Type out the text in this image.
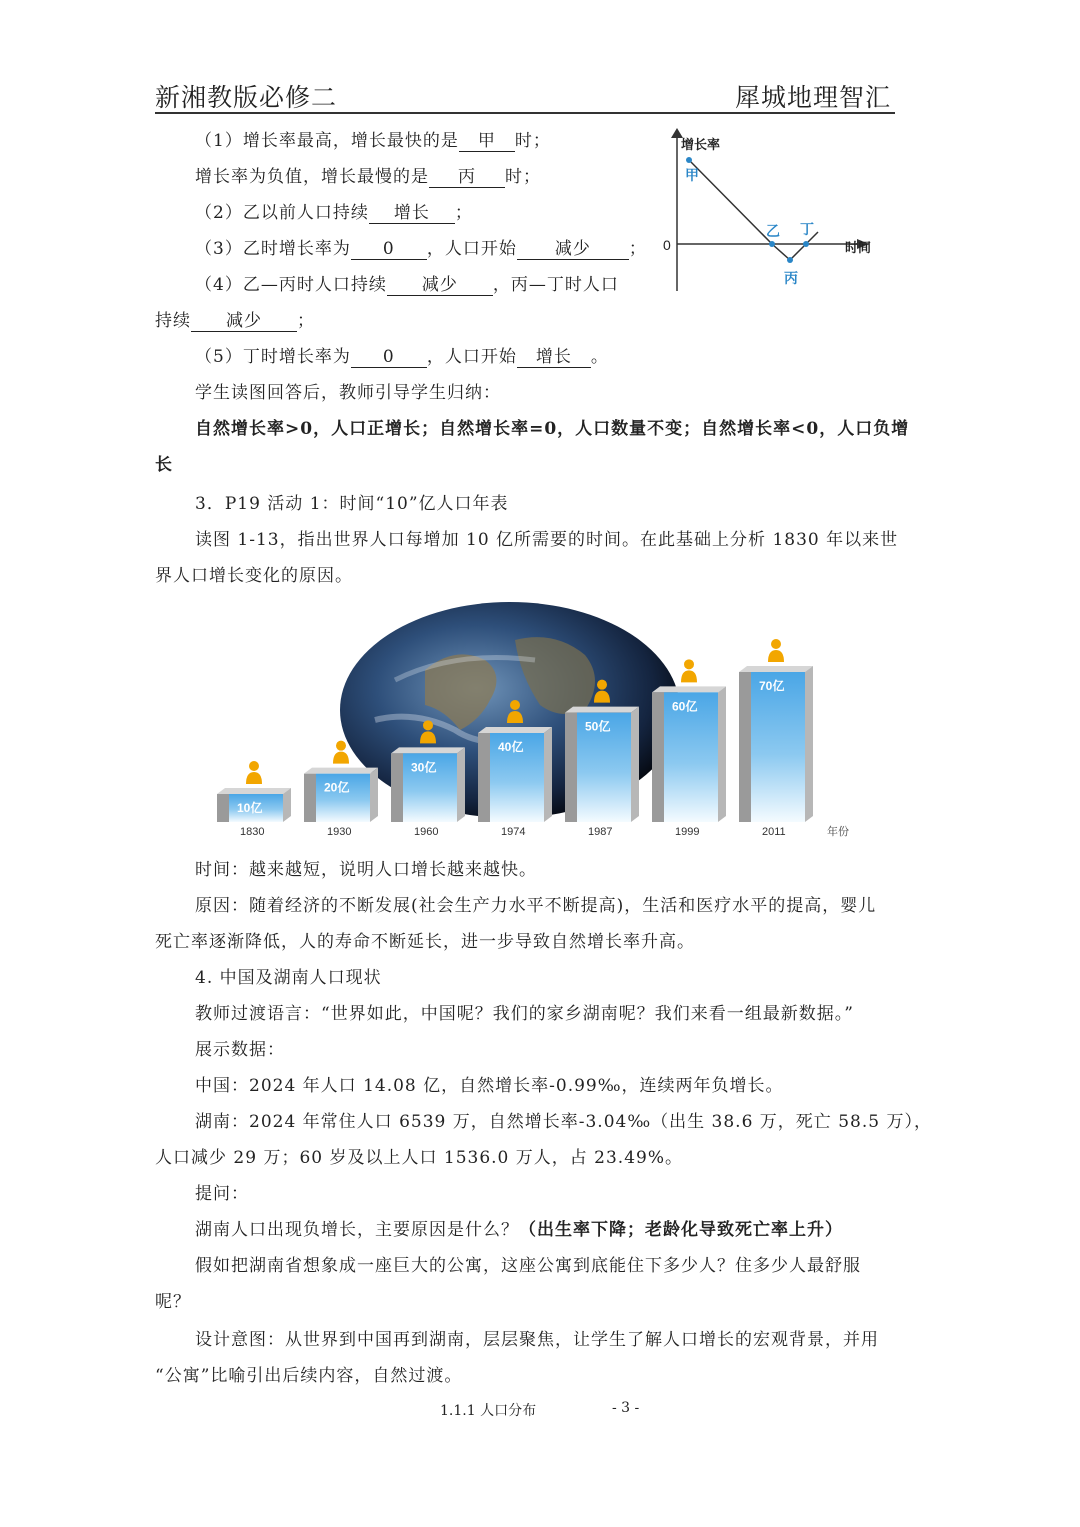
新湘教版必修二	犀城地理智汇
（1）增长率最高，增长最快的是 甲 时；
增长率为负值，增长最慢的是 丙 时；
（2）乙以前人口持续 增长 ；
（3）乙时增长率为 0 ，人口开始 减少 ；
（4）乙—丙时人口持续 减少 ，丙—丁时人口
持续 减少 ；
（5）丁时增长率为 0 ，人口开始 增长 。
增长率
0	时间
甲
乙
丙
丁
学生读图回答后，教师引导学生归纳：
自然增长率>0，人口正增长；自然增长率=0，人口数量不变；自然增长率<0，人口负增
长
3．P19 活动 1：时间“10”亿人口年表
读图 1-13，指出世界人口每增加 10 亿所需要的时间。在此基础上分析 1830 年以来世
界人口增长变化的原因。
10亿
1830
20亿
1930
30亿
1960
40亿
1974
50亿
1987
60亿
1999
70亿
2011	年份
时间：越来越短，说明人口增长越来越快。
原因：随着经济的不断发展(社会生产力水平不断提高)，生活和医疗水平的提高，婴儿
死亡率逐渐降低，人的寿命不断延长，进一步导致自然增长率升高。
4. 中国及湖南人口现状
教师过渡语言：“世界如此，中国呢？我们的家乡湖南呢？我们来看一组最新数据。”
展示数据：
中国：2024 年人口 14.08 亿，自然增长率-0.99‰，连续两年负增长。
湖南：2024 年常住人口 6539 万，自然增长率-3.04‰（出生 38.6 万，死亡 58.5 万），
人口减少 29 万；60 岁及以上人口 1536.0 万人，占 23.49%。
提问：
湖南人口出现负增长，主要原因是什么？（出生率下降；老龄化导致死亡率上升）
假如把湖南省想象成一座巨大的公寓，这座公寓到底能住下多少人？住多少人最舒服
呢？
设计意图：从世界到中国再到湖南，层层聚焦，让学生了解人口增长的宏观背景，并用
“公寓”比喻引出后续内容，自然过渡。
1.1.1 人口分布	- 3 -
